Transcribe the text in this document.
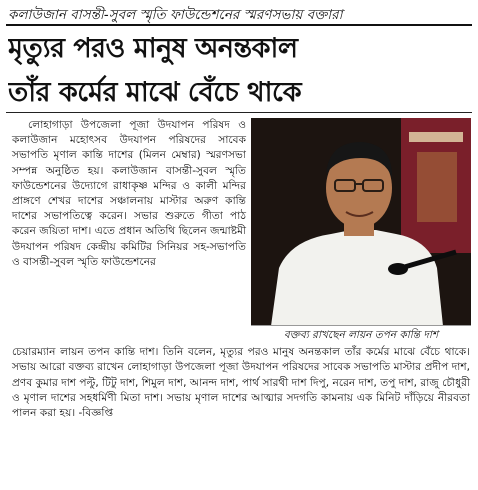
কলাউজান বাসন্তী-সুবল স্মৃতি ফাউন্ডেশনের স্মরণসভায় বক্তারা
মৃত্যুর পরও মানুষ অনন্তকাল
তাঁর কর্মের মাঝে বেঁচে থাকে

লোহাগাড়া উপজেলা পূজা উদযাপন পরিষদ ও কলাউজান মহোৎসব উদযাপন পরিষদের সাবেক সভাপতি মৃণাল কান্তি দাশের (মিলন মেম্বার) স্মরণসভা সম্পন্ন অনুষ্ঠিত হয়। কলাউজান বাসন্তী-সুবল স্মৃতি ফাউন্ডেশনের উদ্যোগে রাধাকৃষ্ণ মন্দির ও কালী মন্দির প্রাঙ্গণে শেখর দাশের সঞ্চালনায় মাস্টার অরুণ কান্তি দাশের সভাপতিত্বে করেন। সভার শুরুতে গীতা পাঠ করেন জয়িতা দাশ। এতে প্রধান অতিথি ছিলেন জন্মাষ্টমী উদযাপন পরিষদ কেন্দ্রীয় কমিটির সিনিয়র সহ-সভাপতি ও বাসন্তী-সুবল স্মৃতি ফাউন্ডেশনের

বক্তব্য রাখছেন লায়ন তপন কান্তি দাশ

চেয়ারম্যান লায়ন তপন কান্তি দাশ। তিনি বলেন, মৃত্যুর পরও মানুষ অনন্তকাল তাঁর কর্মের মাঝে বেঁচে থাকে। সভায় আরো বক্তব্য রাখেন লোহাগাড়া উপজেলা পূজা উদযাপন পরিষদের সাবেক সভাপতি মাস্টার প্রদীপ দাশ, প্রণব কুমার দাশ পল্টু, টিটু দাশ, শিমুল দাশ, আনন্দ দাশ, পার্থ সারথী দাশ দিপু, নরেন দাশ, তপু দাশ, রাজু চৌধুরী ও মৃণাল দাশের সহধর্মিণী মিতা দাশ। সভায় মৃণাল দাশের আত্মার সদগতি কামনায় এক মিনিট দাঁড়িয়ে নীরবতা পালন করা হয়। -বিজ্ঞপ্তি
